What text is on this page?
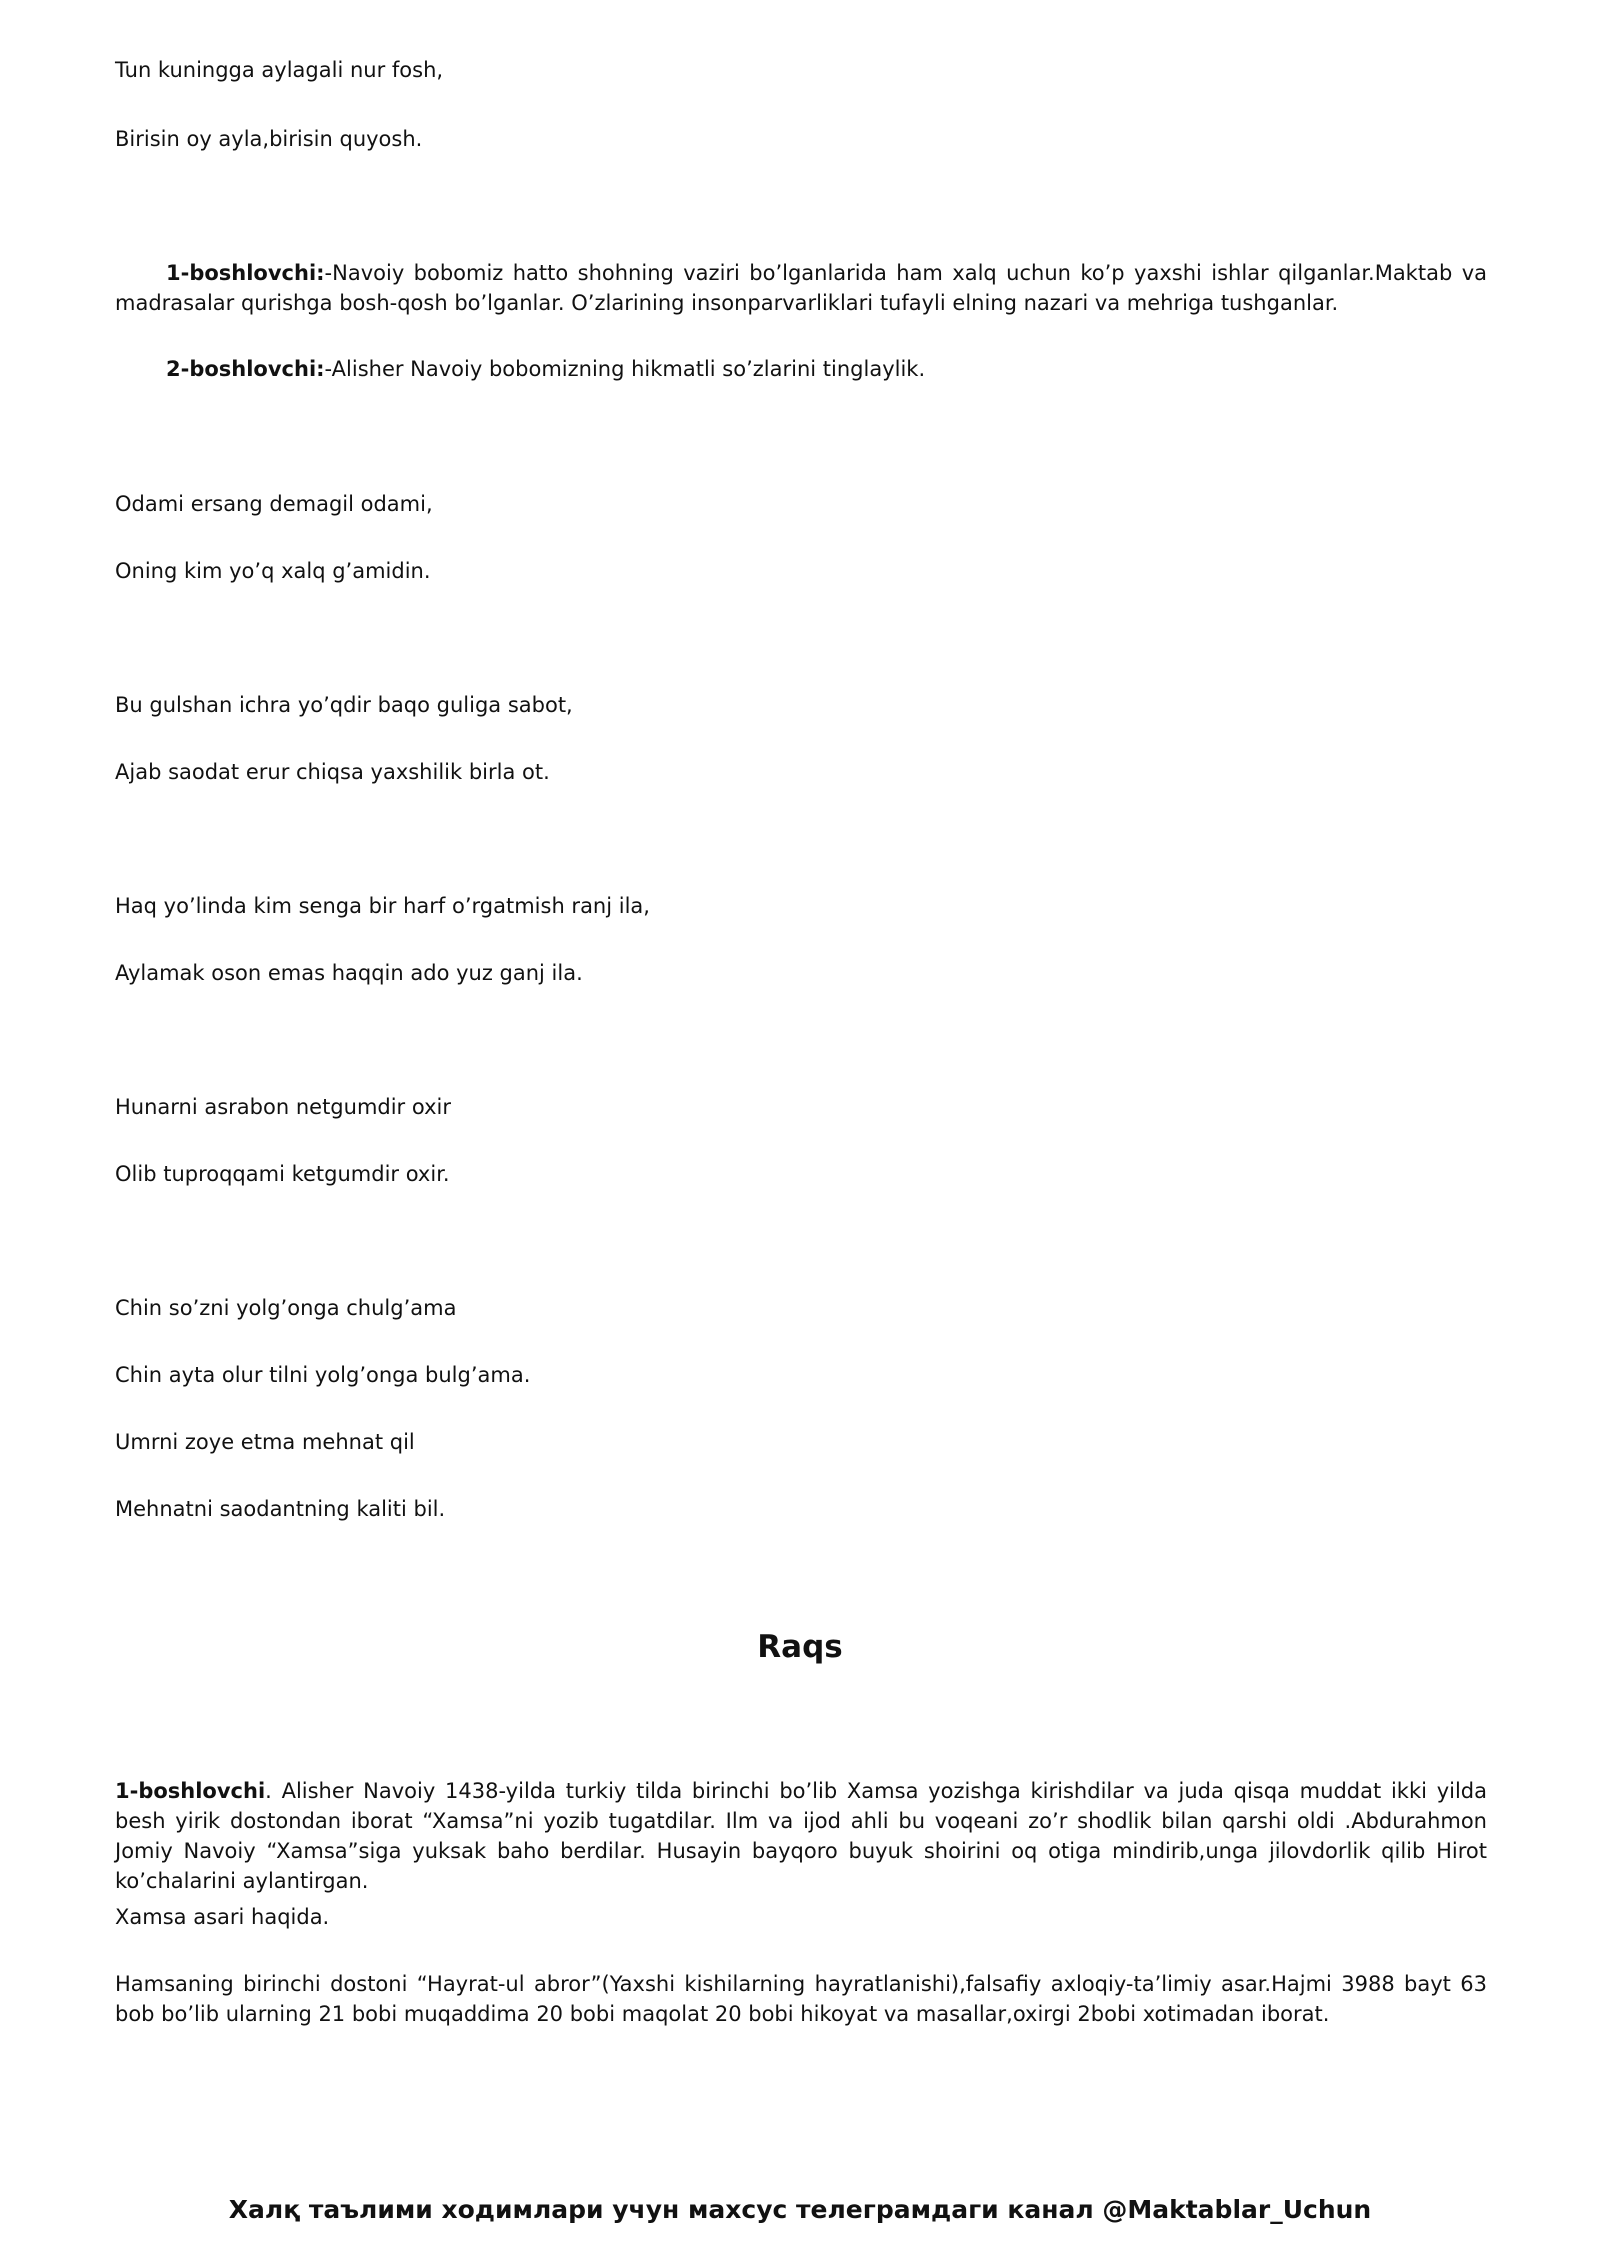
Tun kuningga aylagali nur fosh,

Birisin oy ayla,birisin quyosh.

1-boshlovchi:-Navoiy bobomiz hatto shohning vaziri bo’lganlarida ham xalq uchun ko’p yaxshi ishlar qilganlar.Maktab va madrasalar qurishga bosh-qosh bo’lganlar. O’zlarining insonparvarliklari tufayli elning nazari va mehriga tushganlar.

2-boshlovchi:-Alisher Navoiy bobomizning hikmatli so’zlarini tinglaylik.

Odami ersang demagil odami,

Oning kim yo’q xalq g’amidin.

Bu gulshan ichra yo’qdir baqo guliga sabot,

Ajab saodat erur chiqsa yaxshilik birla ot.

Haq yo’linda kim senga bir harf o’rgatmish ranj ila,

Aylamak oson emas haqqin ado yuz ganj ila.

Hunarni asrabon netgumdir oxir

Olib tuproqqami ketgumdir oxir.

Chin so’zni yolg’onga chulg’ama

Chin ayta olur tilni yolg’onga bulg’ama.

Umrni zoye etma mehnat qil

Mehnatni saodantning kaliti bil.

Raqs

1-boshlovchi. Alisher Navoiy 1438-yilda turkiy tilda birinchi bo’lib Xamsa yozishga kirishdilar va juda qisqa muddat ikki yilda besh yirik dostondan iborat “Xamsa”ni yozib tugatdilar. Ilm va ijod ahli bu voqeani zo’r shodlik bilan qarshi oldi .Abdurahmon Jomiy Navoiy “Xamsa”siga yuksak baho berdilar. Husayin bayqoro buyuk shoirini oq otiga mindirib,unga jilovdorlik qilib Hirot ko’chalarini aylantirgan.

Xamsa asari haqida.

Hamsaning birinchi dostoni “Hayrat-ul abror”(Yaxshi kishilarning hayratlanishi),falsafiy axloqiy-ta’limiy asar.Hajmi 3988 bayt 63 bob bo’lib ularning 21 bobi muqaddima 20 bobi maqolat 20 bobi hikoyat va masallar,oxirgi 2bobi xotimadan iborat.

Халқ таълими ходимлари учун махсус телеграмдаги канал @Maktablar_Uchun
